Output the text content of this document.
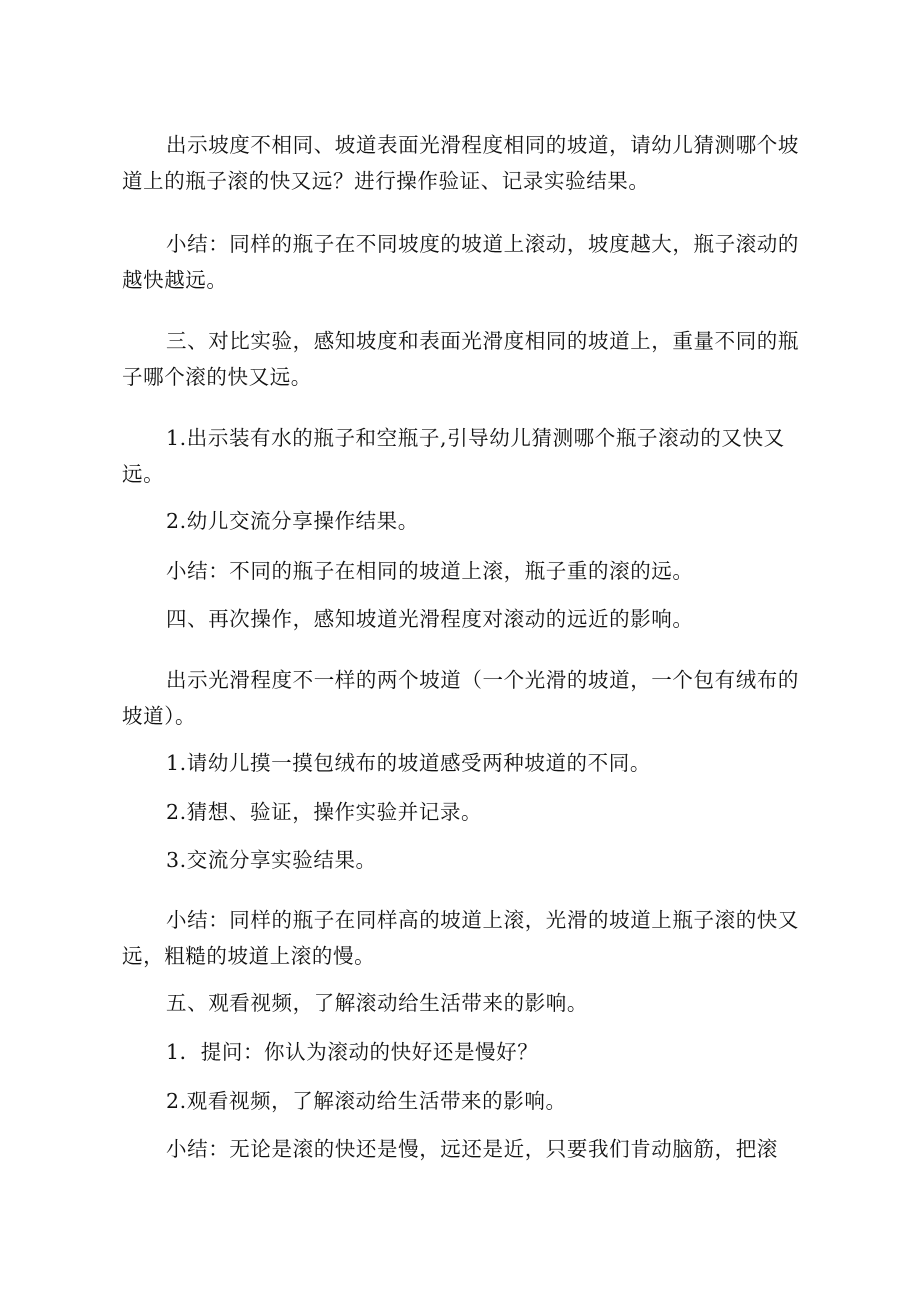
出示坡度不相同、坡道表面光滑程度相同的坡道，请幼儿猜测哪个坡道上的瓶子滚的快又远？进行操作验证、记录实验结果。

小结：同样的瓶子在不同坡度的坡道上滚动，坡度越大，瓶子滚动的越快越远。

三、对比实验，感知坡度和表面光滑度相同的坡道上，重量不同的瓶子哪个滚的快又远。

1.出示装有水的瓶子和空瓶子,引导幼儿猜测哪个瓶子滚动的又快又远。

2.幼儿交流分享操作结果。

小结：不同的瓶子在相同的坡道上滚，瓶子重的滚的远。

四、再次操作，感知坡道光滑程度对滚动的远近的影响。

出示光滑程度不一样的两个坡道（一个光滑的坡道，一个包有绒布的坡道）。

1.请幼儿摸一摸包绒布的坡道感受两种坡道的不同。

2.猜想、验证，操作实验并记录。

3.交流分享实验结果。

小结：同样的瓶子在同样高的坡道上滚，光滑的坡道上瓶子滚的快又远，粗糙的坡道上滚的慢。

五、观看视频，了解滚动给生活带来的影响。

1．提问：你认为滚动的快好还是慢好？

2.观看视频，了解滚动给生活带来的影响。

小结：无论是滚的快还是慢，远还是近，只要我们肯动脑筋，把滚
